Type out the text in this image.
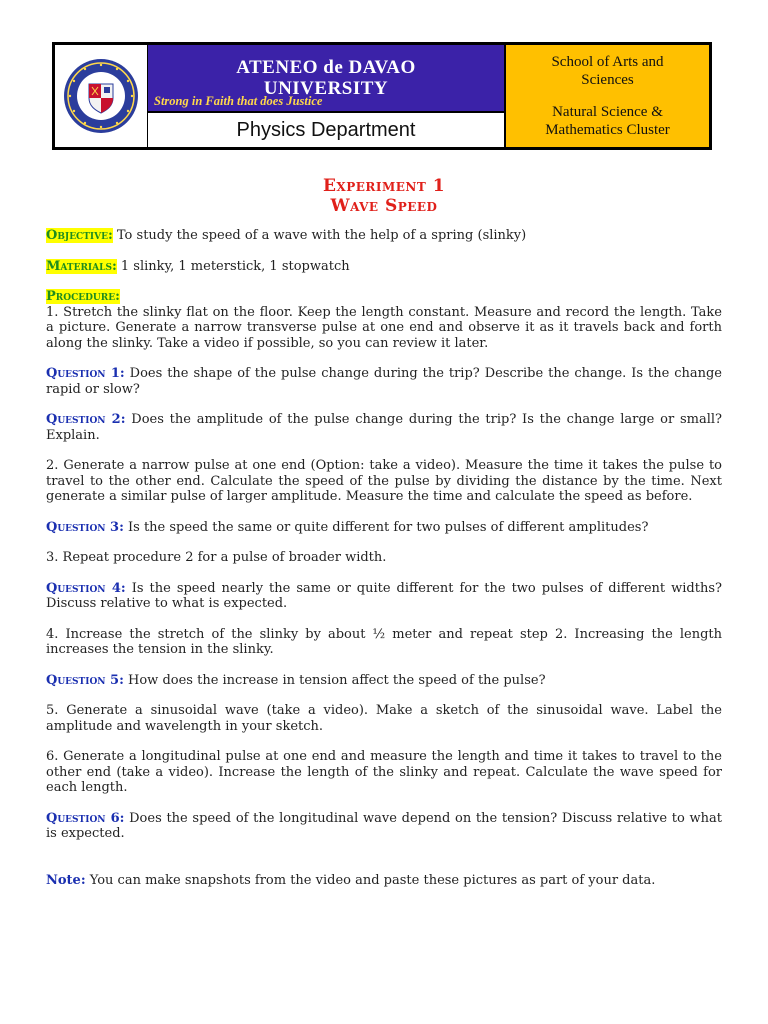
ATENEO de DAVAO
UNIVERSITY
Strong in Faith that does Justice
Physics Department
School of Arts and
Sciences
Natural Science &
Mathematics Cluster
Experiment 1
Wave Speed

Objective: To study the speed of a wave with the help of a spring (slinky)

Materials: 1 slinky, 1 meterstick, 1 stopwatch

Procedure:

1. Stretch the slinky flat on the floor. Keep the length constant. Measure and record the length. Take a picture. Generate a narrow transverse pulse at one end and observe it as it travels back and forth along the slinky. Take a video if possible, so you can review it later.

Question 1: Does the shape of the pulse change during the trip? Describe the change. Is the change rapid or slow?

Question 2: Does the amplitude of the pulse change during the trip? Is the change large or small? Explain.

2. Generate a narrow pulse at one end (Option: take a video). Measure the time it takes the pulse to travel to the other end. Calculate the speed of the pulse by dividing the distance by the time. Next generate a similar pulse of larger amplitude. Measure the time and calculate the speed as before.

Question 3: Is the speed the same or quite different for two pulses of different amplitudes?

3. Repeat procedure 2 for a pulse of broader width.

Question 4: Is the speed nearly the same or quite different for the two pulses of different widths? Discuss relative to what is expected.

4. Increase the stretch of the slinky by about ½ meter and repeat step 2. Increasing the length increases the tension in the slinky.

Question 5: How does the increase in tension affect the speed of the pulse?

5. Generate a sinusoidal wave (take a video). Make a sketch of the sinusoidal wave. Label the amplitude and wavelength in your sketch.

6. Generate a longitudinal pulse at one end and measure the length and time it takes to travel to the other end (take a video). Increase the length of the slinky and repeat. Calculate the wave speed for each length.

Question 6: Does the speed of the longitudinal wave depend on the tension? Discuss relative to what is expected.

Note: You can make snapshots from the video and paste these pictures as part of your data.
